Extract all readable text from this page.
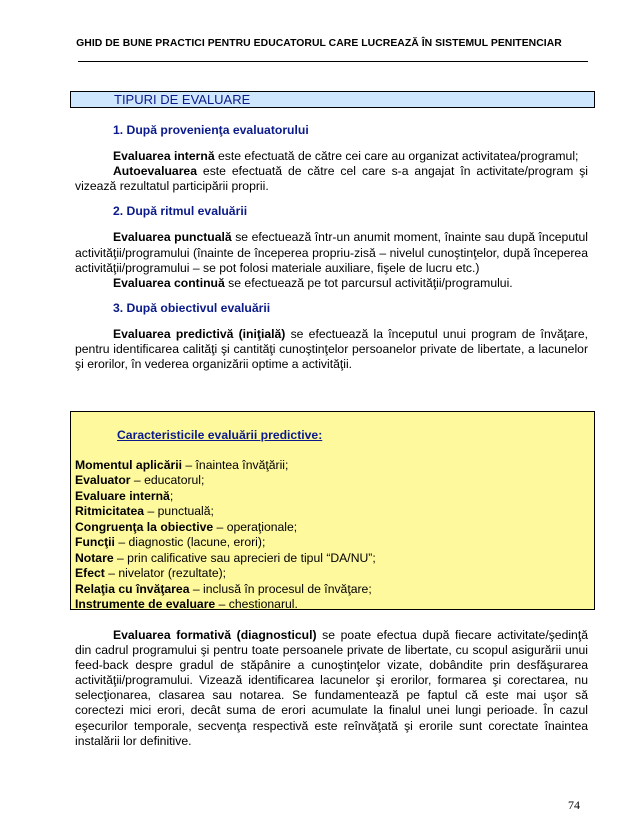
GHID DE BUNE PRACTICI PENTRU EDUCATORUL CARE LUCREAZĂ ÎN SISTEMUL PENITENCIAR
TIPURI DE EVALUARE
1. După provenienţa evaluatorului

Evaluarea internă este efectuată de către cei care au organizat activitatea/programul;

Autoevaluarea este efectuată de către cel care s-a angajat în activitate/program şi vizează rezultatul participării proprii.

2. După ritmul evaluării

Evaluarea punctuală se efectuează într-un anumit moment, înainte sau după începutul activităţii/programului (înainte de începerea propriu-zisă – nivelul cunoştinţelor, după începerea activităţii/programului – se pot folosi materiale auxiliare, fişele de lucru etc.)

Evaluarea continuă se efectuează pe tot parcursul activităţii/programului.

3. După obiectivul evaluării

Evaluarea predictivă (iniţială) se efectuează la începutul unui program de învăţare, pentru identificarea calităţi şi cantităţi cunoştinţelor persoanelor private de libertate, a lacunelor şi erorilor, în vederea organizării optime a activităţii.

Caracteristicile evaluării predictive:
Momentul aplicării – înaintea învăţării;
Evaluator – educatorul;
Evaluare internă;
Ritmicitatea – punctuală;
Congruenţa la obiective – operaţionale;
Funcţii – diagnostic (lacune, erori);
Notare – prin calificative sau aprecieri de tipul “DA/NU”;
Efect – nivelator (rezultate);
Relaţia cu învăţarea – inclusă în procesul de învăţare;
Instrumente de evaluare – chestionarul.

Evaluarea formativă (diagnosticul) se poate efectua după fiecare activitate/şedinţă din cadrul programului şi pentru toate persoanele private de libertate, cu scopul asigurării unui feed-back despre gradul de stăpânire a cunoştinţelor vizate, dobândite prin desfăşurarea activităţii/programului. Vizează identificarea lacunelor şi erorilor, formarea şi corectarea, nu selecţionarea, clasarea sau notarea. Se fundamentează pe faptul că este mai uşor să corectezi mici erori, decât suma de erori acumulate la finalul unei lungi perioade. În cazul eşecurilor temporale, secvenţa respectivă este reînvăţată şi erorile sunt corectate înaintea instalării lor definitive.

74
